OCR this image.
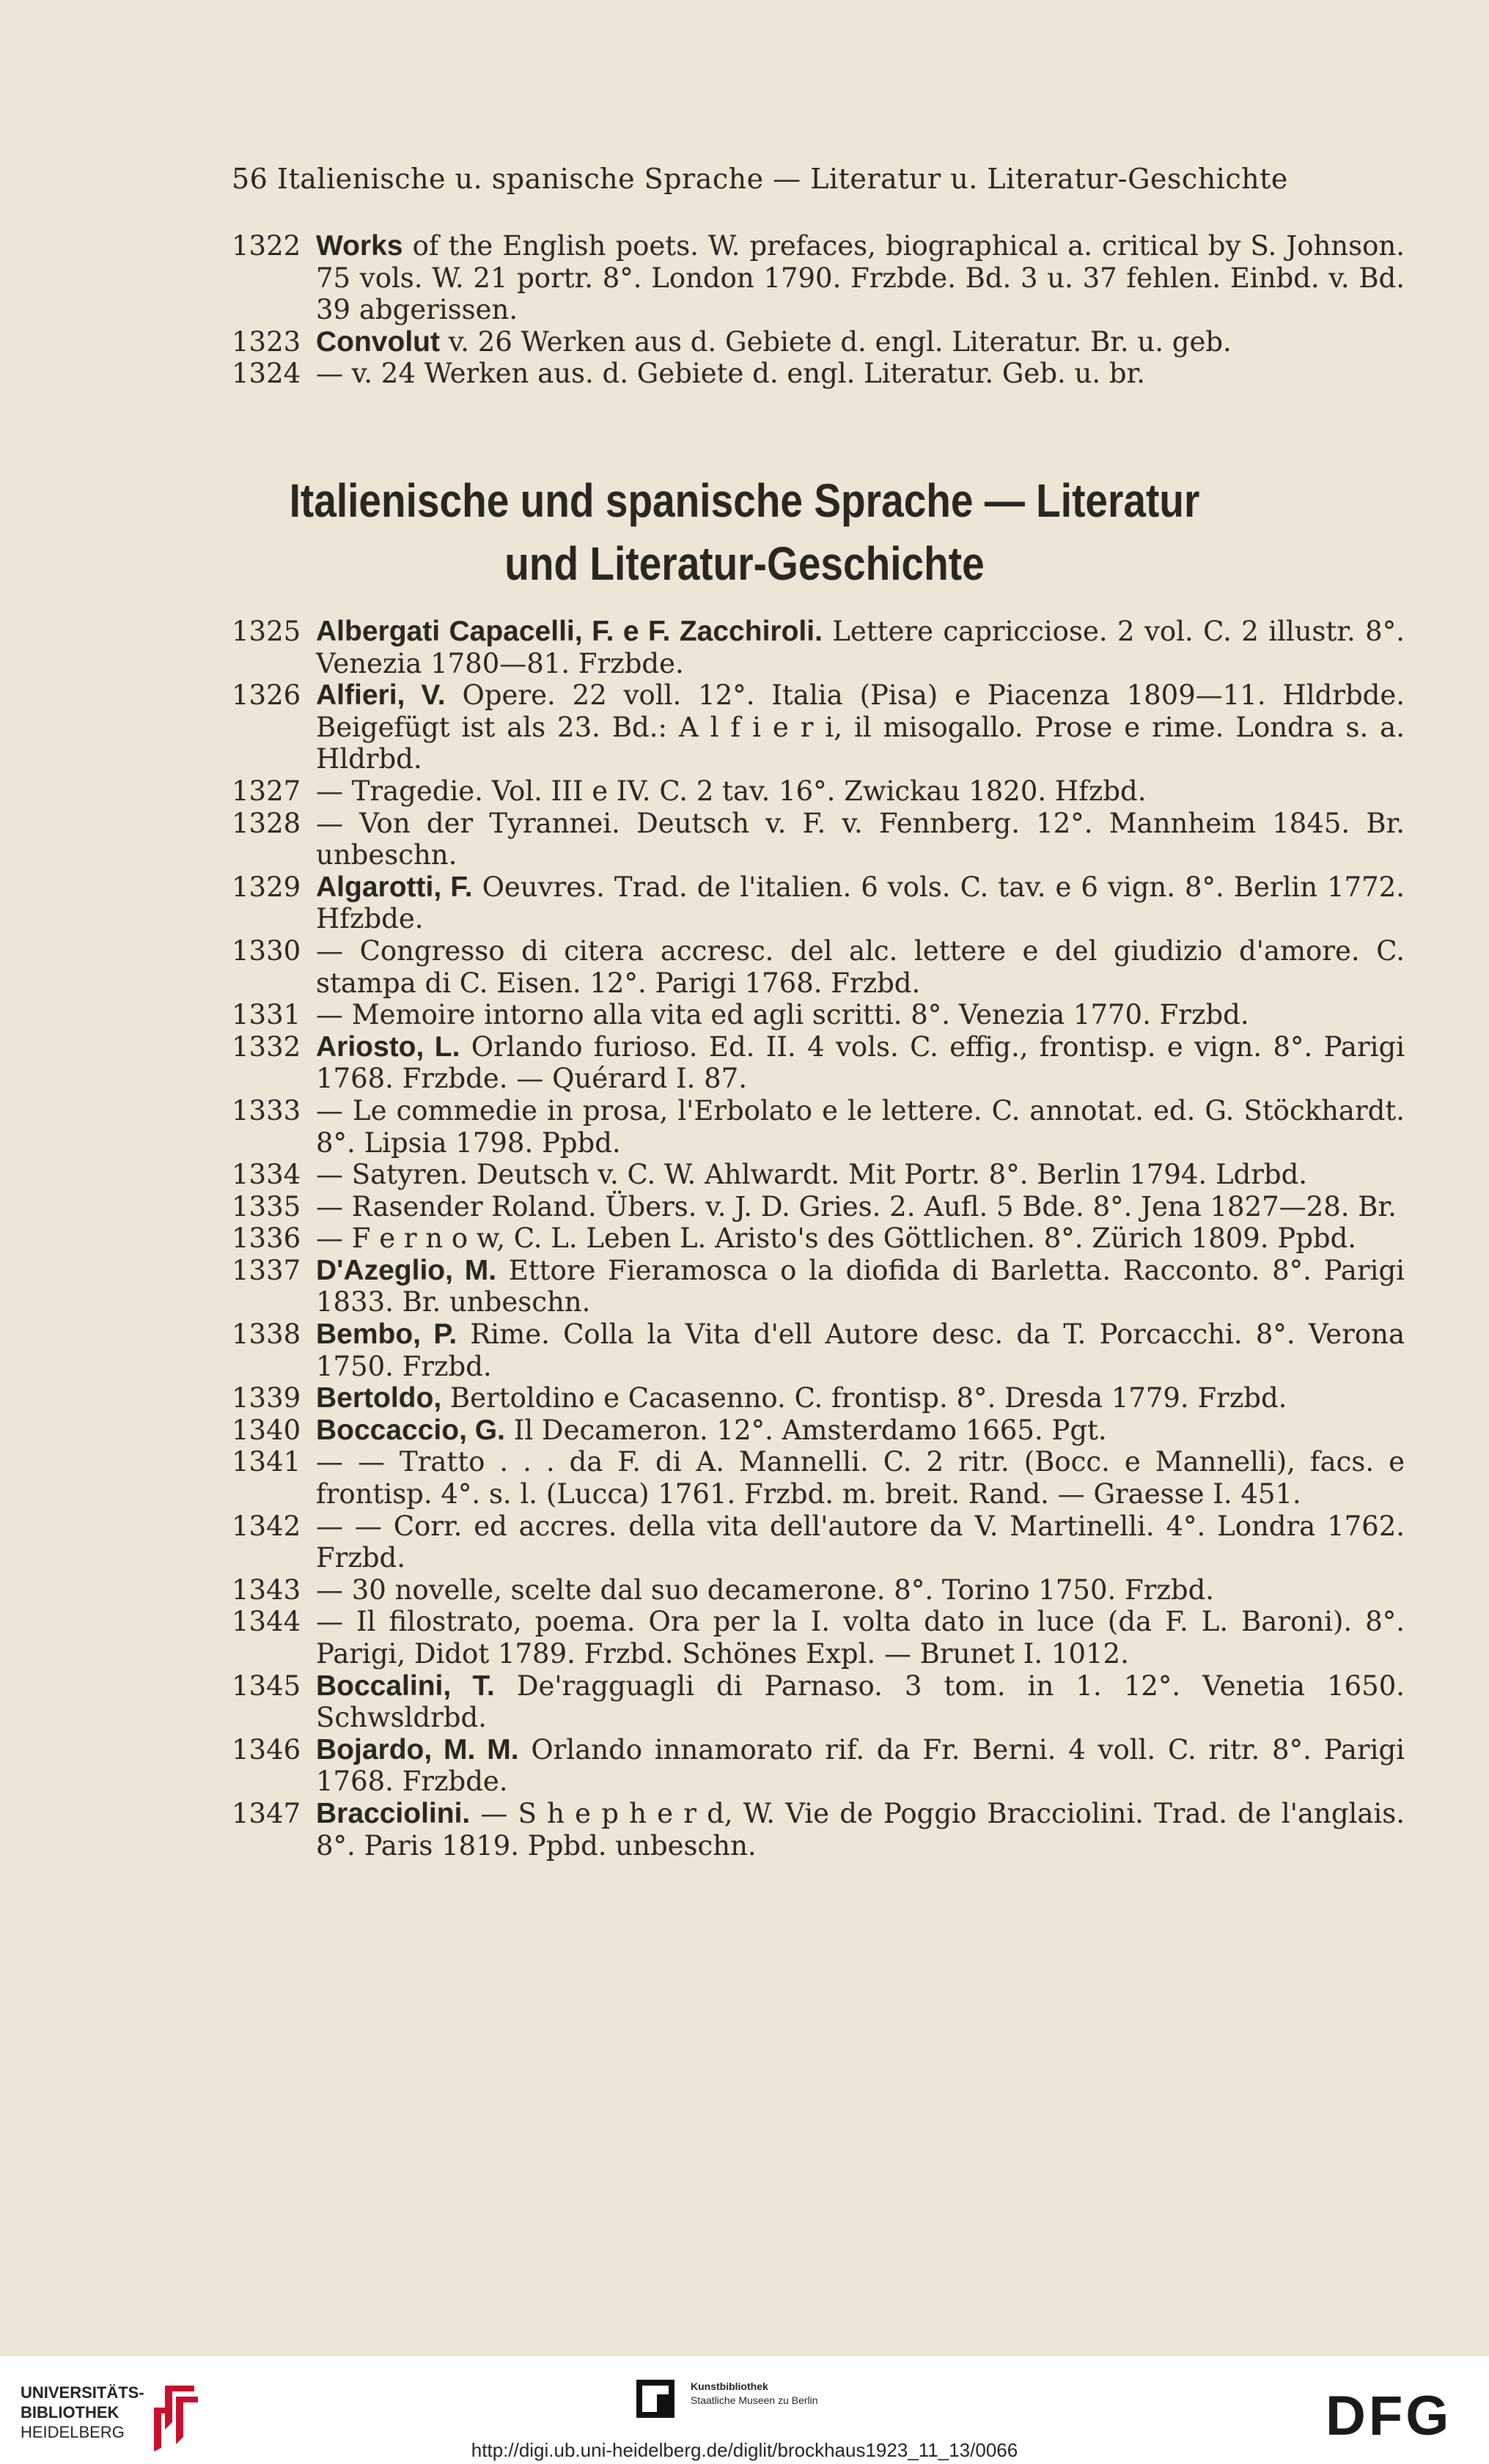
56 Italienische u. spanische Sprache — Literatur u. Literatur-Geschichte
1322 Works of the English poets. W. prefaces, biographical a. critical by S. Johnson. 75 vols. W. 21 portr. 8°. London 1790. Frzbde. Bd. 3 u. 37 fehlen. Einbd. v. Bd. 39 abgerissen.
1323 Convolut v. 26 Werken aus d. Gebiete d. engl. Literatur. Br. u. geb.
1324 — v. 24 Werken aus. d. Gebiete d. engl. Literatur. Geb. u. br.
Italienische und spanische Sprache — Literatur
und Literatur-Geschichte
1325 Albergati Capacelli, F. e F. Zacchiroli. Lettere capricciose. 2 vol. C. 2 illustr. 8°. Venezia 1780—81. Frzbde.
1326 Alfieri, V. Opere. 22 voll. 12°. Italia (Pisa) e Piacenza 1809—11. Hldrbde. Beigefügt ist als 23. Bd.: A l f i e r i, il misogallo. Prose e rime. Londra s. a. Hldrbd.
1327 — Tragedie. Vol. III e IV. C. 2 tav. 16°. Zwickau 1820. Hfzbd.
1328 — Von der Tyrannei. Deutsch v. F. v. Fennberg. 12°. Mannheim 1845. Br. unbeschn.
1329 Algarotti, F. Oeuvres. Trad. de l'italien. 6 vols. C. tav. e 6 vign. 8°. Berlin 1772. Hfzbde.
1330 — Congresso di citera accresc. del alc. lettere e del giudizio d'amore. C. stampa di C. Eisen. 12°. Parigi 1768. Frzbd.
1331 — Memoire intorno alla vita ed agli scritti. 8°. Venezia 1770. Frzbd.
1332 Ariosto, L. Orlando furioso. Ed. II. 4 vols. C. effig., frontisp. e vign. 8°. Parigi 1768. Frzbde. — Quérard I. 87.
1333 — Le commedie in prosa, l'Erbolato e le lettere. C. annotat. ed. G. Stöckhardt. 8°. Lipsia 1798. Ppbd.
1334 — Satyren. Deutsch v. C. W. Ahlwardt. Mit Portr. 8°. Berlin 1794. Ldrbd.
1335 — Rasender Roland. Übers. v. J. D. Gries. 2. Aufl. 5 Bde. 8°. Jena 1827—28. Br.
1336 — F e r n o w, C. L. Leben L. Aristo's des Göttlichen. 8°. Zürich 1809. Ppbd.
1337 D'Azeglio, M. Ettore Fieramosca o la diofida di Barletta. Racconto. 8°. Parigi 1833. Br. unbeschn.
1338 Bembo, P. Rime. Colla la Vita d'ell Autore desc. da T. Porcacchi. 8°. Verona 1750. Frzbd.
1339 Bertoldo, Bertoldino e Cacasenno. C. frontisp. 8°. Dresda 1779. Frzbd.
1340 Boccaccio, G. Il Decameron. 12°. Amsterdamo 1665. Pgt.
1341 — — Tratto . . . da F. di A. Mannelli. C. 2 ritr. (Bocc. e Mannelli), facs. e frontisp. 4°. s. l. (Lucca) 1761. Frzbd. m. breit. Rand. — Graesse I. 451.
1342 — — Corr. ed accres. della vita dell'autore da V. Martinelli. 4°. Londra 1762. Frzbd.
1343 — 30 novelle, scelte dal suo decamerone. 8°. Torino 1750. Frzbd.
1344 — Il filostrato, poema. Ora per la I. volta dato in luce (da F. L. Baroni). 8°. Parigi, Didot 1789. Frzbd. Schönes Expl. — Brunet I. 1012.
1345 Boccalini, T. De'ragguagli di Parnaso. 3 tom. in 1. 12°. Venetia 1650. Schwsldrbd.
1346 Bojardo, M. M. Orlando innamorato rif. da Fr. Berni. 4 voll. C. ritr. 8°. Parigi 1768. Frzbde.
1347 Bracciolini. — S h e p h e r d, W. Vie de Poggio Bracciolini. Trad. de l'anglais. 8°. Paris 1819. Ppbd. unbeschn.
UNIVERSITÄTS-
BIBLIOTHEK
HEIDELBERG
Kunstbibliothek
Staatliche Museen zu Berlin	DFG
http://digi.ub.uni-heidelberg.de/diglit/brockhaus1923_11_13/0066
